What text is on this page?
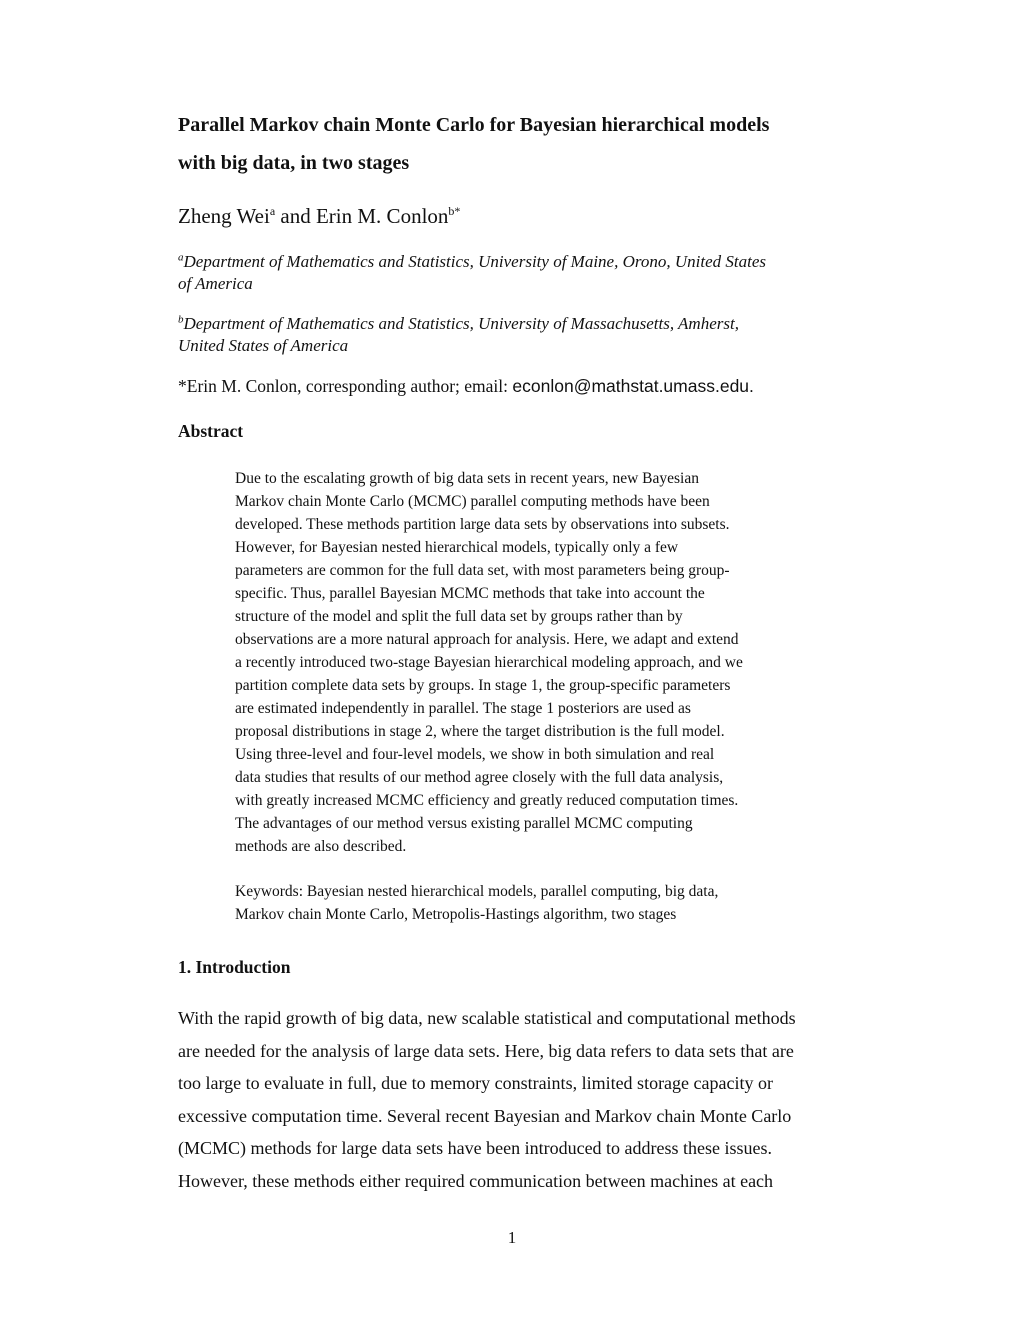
Parallel Markov chain Monte Carlo for Bayesian hierarchical models
with big data, in two stages
Zheng Wei$^a$ and Erin M. Conlon$^{b*}$
$^a$Department of Mathematics and Statistics, University of Maine, Orono, United States
of America
$^b$Department of Mathematics and Statistics, University of Massachusetts, Amherst,
United States of America
*Erin M. Conlon, corresponding author; email: econlon@mathstat.umass.edu.
Abstract
Due to the escalating growth of big data sets in recent years, new Bayesian
Markov chain Monte Carlo (MCMC) parallel computing methods have been
developed. These methods partition large data sets by observations into subsets.
However, for Bayesian nested hierarchical models, typically only a few
parameters are common for the full data set, with most parameters being group-
specific. Thus, parallel Bayesian MCMC methods that take into account the
structure of the model and split the full data set by groups rather than by
observations are a more natural approach for analysis. Here, we adapt and extend
a recently introduced two-stage Bayesian hierarchical modeling approach, and we
partition complete data sets by groups. In stage 1, the group-specific parameters
are estimated independently in parallel. The stage 1 posteriors are used as
proposal distributions in stage 2, where the target distribution is the full model.
Using three-level and four-level models, we show in both simulation and real
data studies that results of our method agree closely with the full data analysis,
with greatly increased MCMC efficiency and greatly reduced computation times.
The advantages of our method versus existing parallel MCMC computing
methods are also described.
Keywords: Bayesian nested hierarchical models, parallel computing, big data,
Markov chain Monte Carlo, Metropolis-Hastings algorithm, two stages
1. Introduction
With the rapid growth of big data, new scalable statistical and computational methods
are needed for the analysis of large data sets. Here, big data refers to data sets that are
too large to evaluate in full, due to memory constraints, limited storage capacity or
excessive computation time. Several recent Bayesian and Markov chain Monte Carlo
(MCMC) methods for large data sets have been introduced to address these issues.
However, these methods either required communication between machines at each
1
